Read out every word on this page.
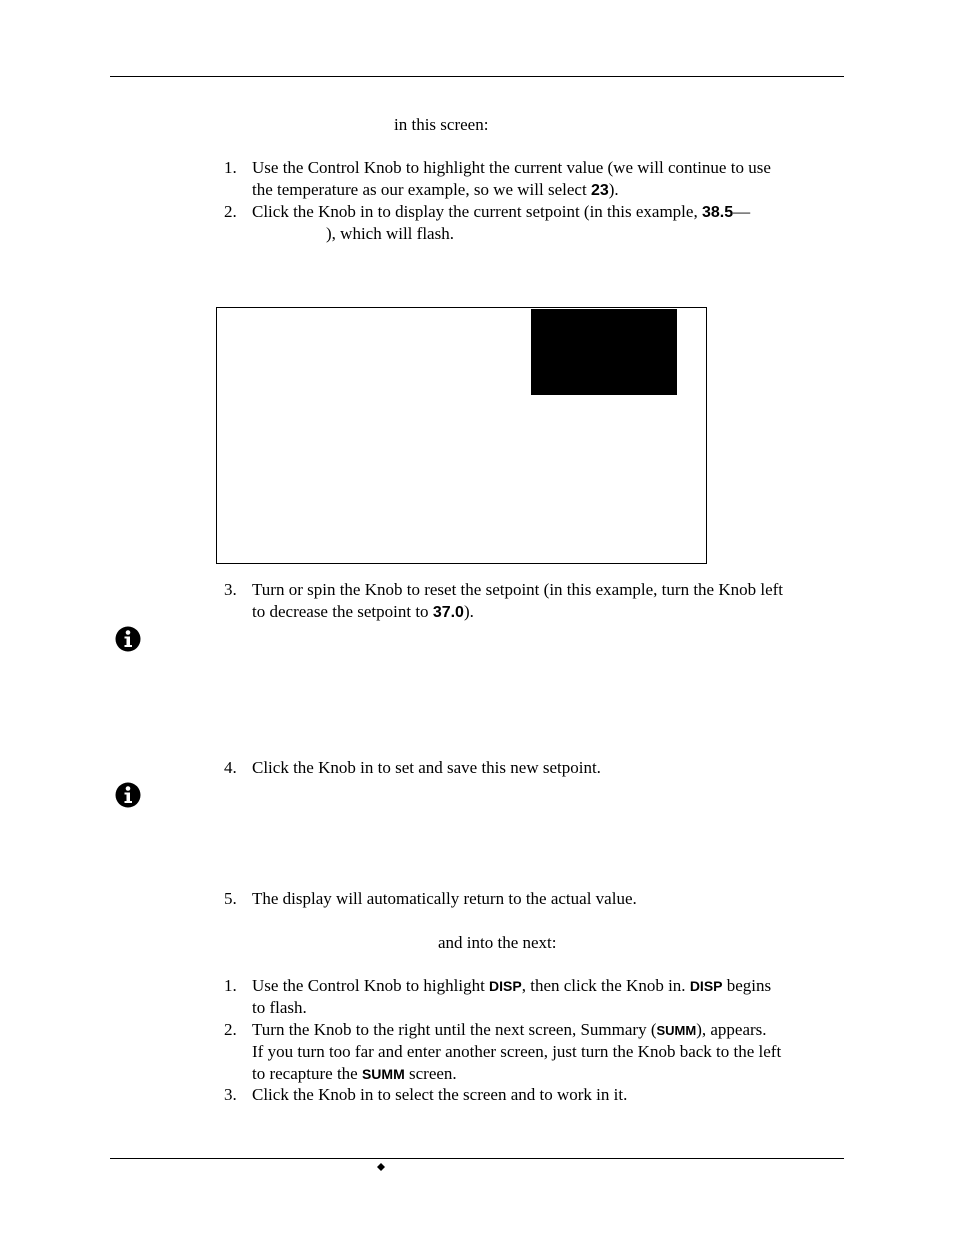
in this screen:
1. Use the Control Knob to highlight the current value (we will continue to use
the temperature as our example, so we will select 23).
2. Click the Knob in to display the current setpoint (in this example, 38.5—
), which will flash.
3. Turn or spin the Knob to reset the setpoint (in this example, turn the Knob left
to decrease the setpoint to 37.0).
4. Click the Knob in to set and save this new setpoint.
5. The display will automatically return to the actual value.
and into the next:
1. Use the Control Knob to highlight DISP, then click the Knob in. DISP begins
to flash.
2. Turn the Knob to the right until the next screen, Summary (SUMM), appears.
If you turn too far and enter another screen, just turn the Knob back to the left
to recapture the SUMM screen.
3. Click the Knob in to select the screen and to work in it.
